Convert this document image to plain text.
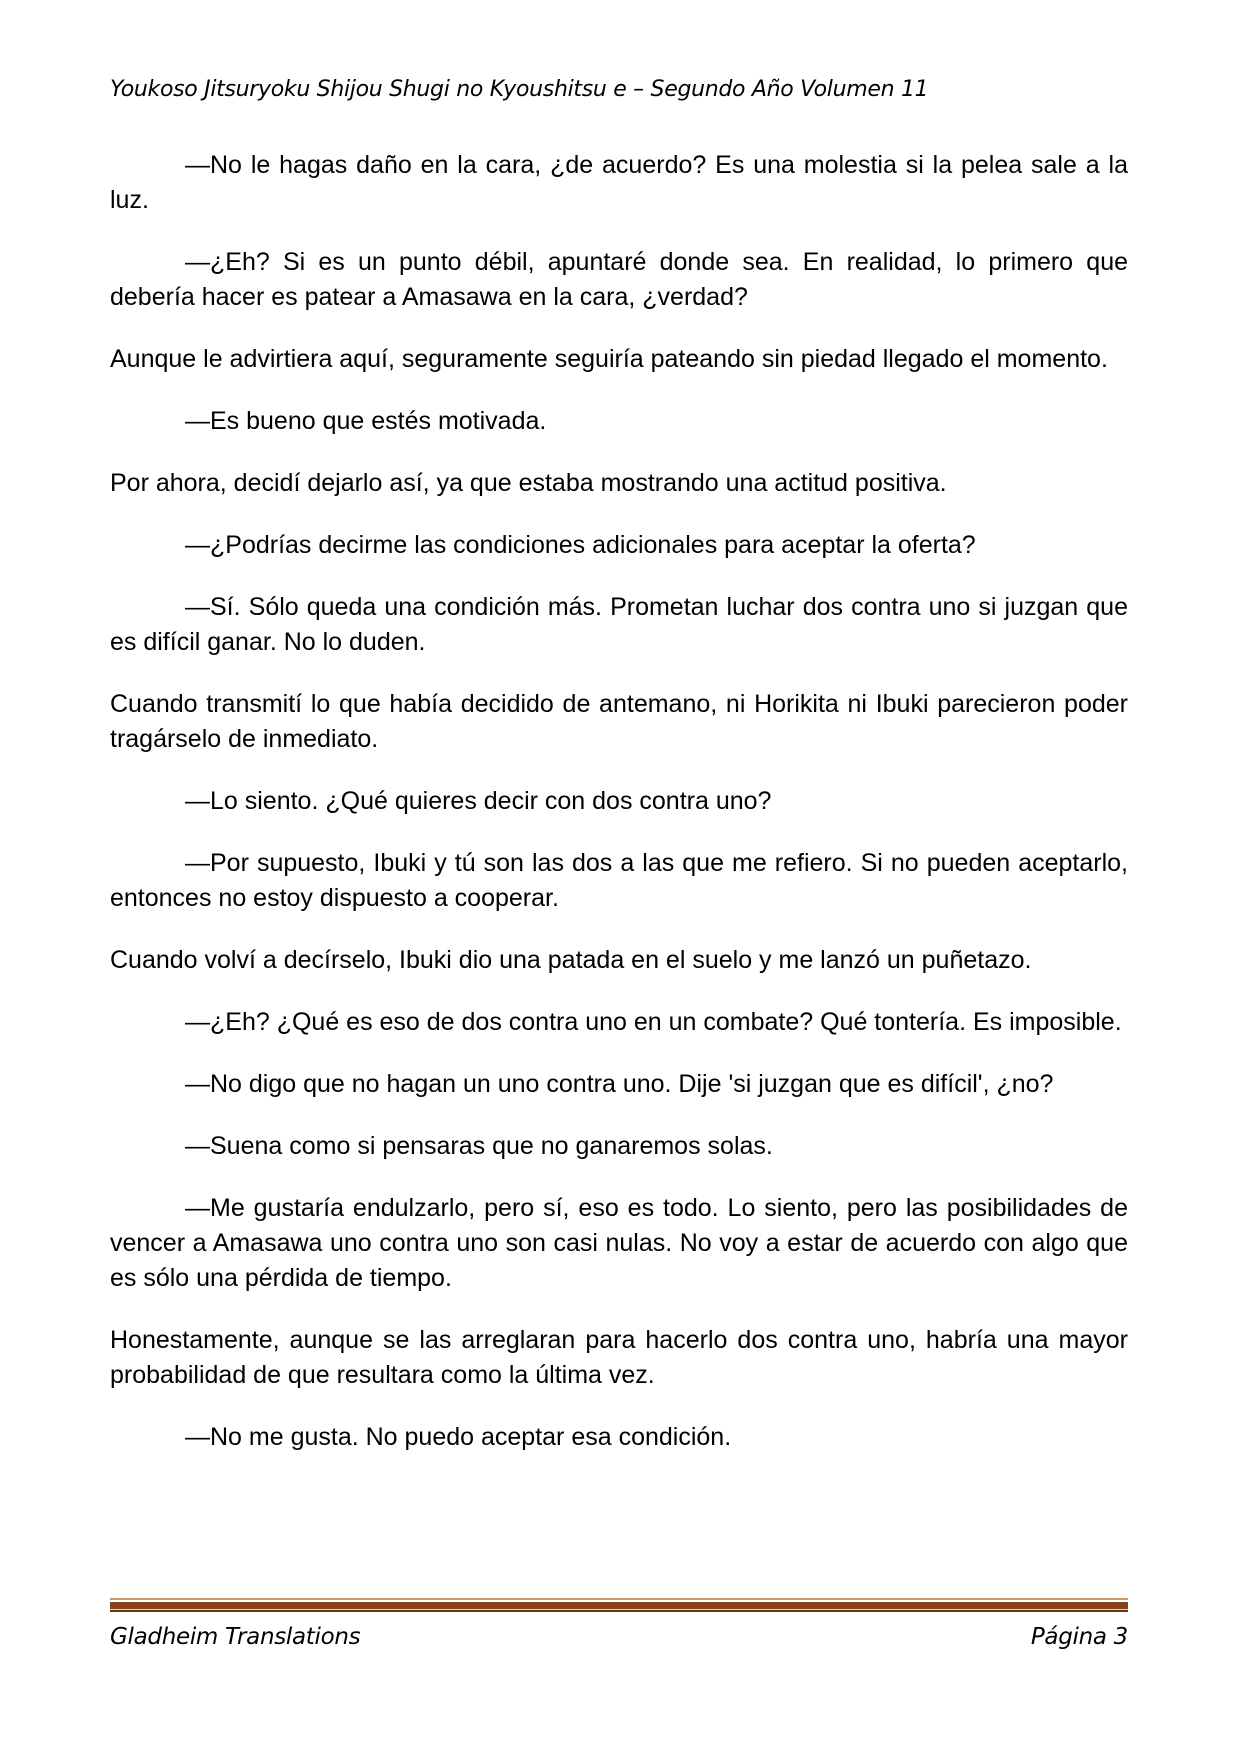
Youkoso Jitsuryoku Shijou Shugi no Kyoushitsu e – Segundo Año Volumen 11

—No le hagas daño en la cara, ¿de acuerdo? Es una molestia si la pelea sale a la luz.

—¿Eh? Si es un punto débil, apuntaré donde sea. En realidad, lo primero que debería hacer es patear a Amasawa en la cara, ¿verdad?

Aunque le advirtiera aquí, seguramente seguiría pateando sin piedad llegado el momento.

—Es bueno que estés motivada.

Por ahora, decidí dejarlo así, ya que estaba mostrando una actitud positiva.

—¿Podrías decirme las condiciones adicionales para aceptar la oferta?

—Sí. Sólo queda una condición más. Prometan luchar dos contra uno si juzgan que es difícil ganar. No lo duden.

Cuando transmití lo que había decidido de antemano, ni Horikita ni Ibuki parecieron poder tragárselo de inmediato.

—Lo siento. ¿Qué quieres decir con dos contra uno?

—Por supuesto, Ibuki y tú son las dos a las que me refiero. Si no pueden aceptarlo, entonces no estoy dispuesto a cooperar.

Cuando volví a decírselo, Ibuki dio una patada en el suelo y me lanzó un puñetazo.

—¿Eh? ¿Qué es eso de dos contra uno en un combate? Qué tontería. Es imposible.

—No digo que no hagan un uno contra uno. Dije 'si juzgan que es difícil', ¿no?

—Suena como si pensaras que no ganaremos solas.

—Me gustaría endulzarlo, pero sí, eso es todo. Lo siento, pero las posibilidades de vencer a Amasawa uno contra uno son casi nulas. No voy a estar de acuerdo con algo que es sólo una pérdida de tiempo.

Honestamente, aunque se las arreglaran para hacerlo dos contra uno, habría una mayor probabilidad de que resultara como la última vez.

—No me gusta. No puedo aceptar esa condición.

Gladheim Translations	Página 3
